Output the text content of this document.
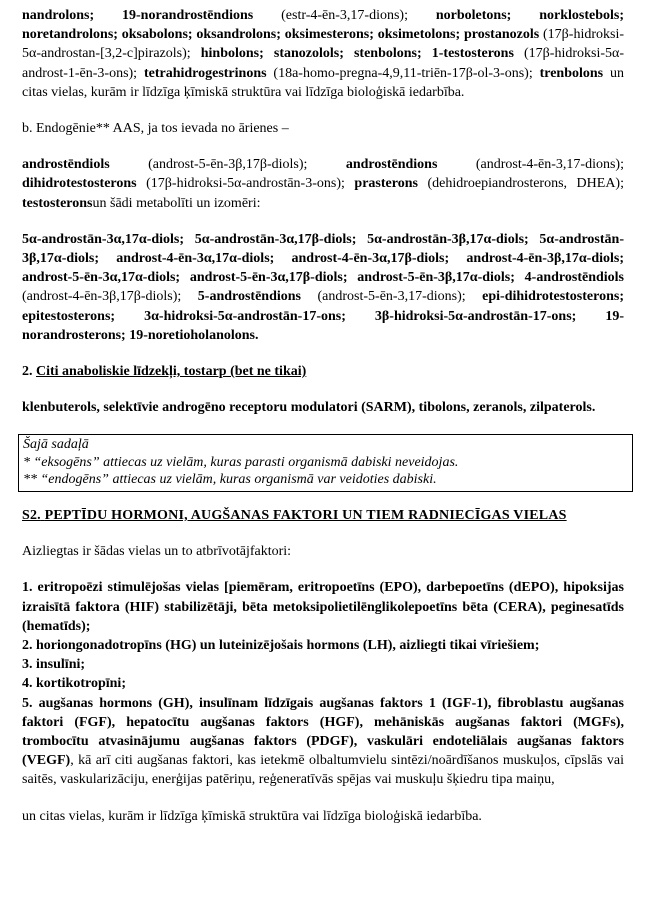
nandrolons; 19-norandrostēndions (estr-4-ēn-3,17-dions); norboletons; norklostebols; noretandrolons; oksabolons; oksandrolons; oksimesterons; oksimetolons; prostanozols (17β-hidroksi-5α-androstan-[3,2-c]pirazols); hinbolons; stanozolols; stenbolons; 1-testosterons (17β-hidroksi-5α-androst-1-ēn-3-ons); tetrahidrogestrinons (18a-homo-pregna-4,9,11-triēn-17β-ol-3-ons); trenbolons un citas vielas, kurām ir līdzīga ķīmiskā struktūra vai līdzīga bioloģiskā iedarbība.

b. Endogēnie** AAS, ja tos ievada no ārienes –

androstēndiols (androst-5-ēn-3β,17β-diols); androstēndions (androst-4-ēn-3,17-dions); dihidrotestosterons (17β-hidroksi-5α-androstān-3-ons); prasterons (dehidroepiandrosterons, DHEA); testosteronsun šādi metabolīti un izomēri:

5α-androstān-3α,17α-diols; 5α-androstān-3α,17β-diols; 5α-androstān-3β,17α-diols; 5α-androstān-3β,17α-diols; androst-4-ēn-3α,17α-diols; androst-4-ēn-3α,17β-diols; androst-4-ēn-3β,17α-diols; androst-5-ēn-3α,17α-diols; androst-5-ēn-3α,17β-diols; androst-5-ēn-3β,17α-diols; 4-androstēndiols (androst-4-ēn-3β,17β-diols); 5-androstēndions (androst-5-ēn-3,17-dions); epi-dihidrotestosterons; epitestosterons; 3α-hidroksi-5α-androstān-17-ons; 3β-hidroksi-5α-androstān-17-ons; 19-norandrosterons; 19-noretioholanolons.

2. Citi anaboliskie līdzekļi, tostarp (bet ne tikai)

klenbuterols, selektīvie androgēno receptoru modulatori (SARM), tibolons, zeranols, zilpaterols.

Šajā sadaļā

* “eksogēns” attiecas uz vielām, kuras parasti organismā dabiski neveidojas.

** “endogēns” attiecas uz vielām, kuras organismā var veidoties dabiski.

S2. PEPTĪDU HORMONI, AUGŠANAS FAKTORI UN TIEM RADNIECĪGAS VIELAS

Aizliegtas ir šādas vielas un to atbrīvotājfaktori:

1. eritropoēzi stimulējošas vielas [piemēram, eritropoetīns (EPO), darbepoetīns (dEPO), hipoksijas izraisītā faktora (HIF) stabilizētāji, bēta metoksipolietilēnglikolepoetīns bēta (CERA), peginesatīds (hematīds);

2. horiongonadotropīns (HG) un luteinizējošais hormons (LH), aizliegti tikai vīriešiem;

3. insulīni;

4. kortikotropīni;

5. augšanas hormons (GH), insulīnam līdzīgais augšanas faktors 1 (IGF-1), fibroblastu augšanas faktori (FGF), hepatocītu augšanas faktors (HGF), mehāniskās augšanas faktori (MGFs), trombocītu atvasinājumu augšanas faktors (PDGF), vaskulāri endoteliālais augšanas faktors (VEGF), kā arī citi augšanas faktori, kas ietekmē olbaltumvielu sintēzi/noārdīšanos muskuļos, cīpslās vai saitēs, vaskularizāciju, enerģijas patēriņu, reģeneratīvās spējas vai muskuļu šķiedru tipa maiņu,

un citas vielas, kurām ir līdzīga ķīmiskā struktūra vai līdzīga bioloģiskā iedarbība.
